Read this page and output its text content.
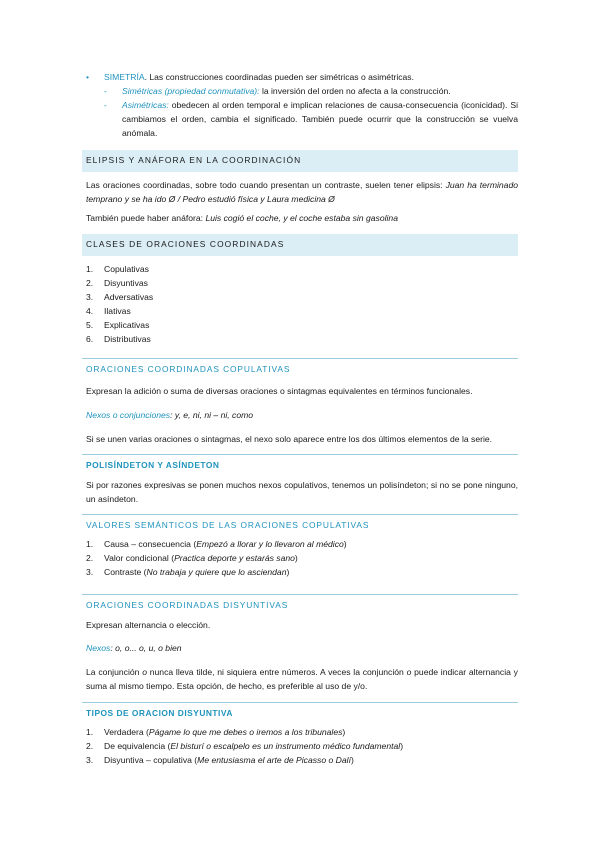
• SIMETRÍA. Las construcciones coordinadas pueden ser simétricas o asimétricas.
- Simétricas (propiedad conmutativa): la inversión del orden no afecta a la construcción.
- Asimétricas: obedecen al orden temporal e implican relaciones de causa-consecuencia (iconicidad). Si cambiamos el orden, cambia el significado. También puede ocurrir que la construcción se vuelva anómala.
ELIPSIS Y ANÁFORA EN LA COORDINACIÓN
Las oraciones coordinadas, sobre todo cuando presentan un contraste, suelen tener elipsis: Juan ha terminado temprano y se ha ido Ø / Pedro estudió física y Laura medicina Ø
También puede haber anáfora: Luis cogió el coche, y el coche estaba sin gasolina
CLASES DE ORACIONES COORDINADAS
1.	Copulativas
2.	Disyuntivas
3.	Adversativas
4.	Ilativas
5.	Explicativas
6.	Distributivas
ORACIONES COORDINADAS COPULATIVAS
Expresan la adición o suma de diversas oraciones o sintagmas equivalentes en términos funcionales.
Nexos o conjunciones: y, e, ni, ni – ni, como
Si se unen varias oraciones o sintagmas, el nexo solo aparece entre los dos últimos elementos de la serie.
POLISÍNDETON Y ASÍNDETON
Si por razones expresivas se ponen muchos nexos copulativos, tenemos un polisíndeton; si no se pone ninguno, un asíndeton.
VALORES SEMÁNTICOS DE LAS ORACIONES COPULATIVAS
1.	Causa – consecuencia (Empezó a llorar y lo llevaron al médico)
2.	Valor condicional (Practica deporte y estarás sano)
3.	Contraste (No trabaja y quiere que lo asciendan)
ORACIONES COORDINADAS DISYUNTIVAS
Expresan alternancia o elección.
Nexos: o, o... o, u, o bien
La conjunción o nunca lleva tilde, ni siquiera entre números. A veces la conjunción o puede indicar alternancia y suma al mismo tiempo. Esta opción, de hecho, es preferible al uso de y/o.
TIPOS DE ORACION DISYUNTIVA
1.	Verdadera (Págame lo que me debes o iremos a los tribunales)
2.	De equivalencia (El bisturí o escalpelo es un instrumento médico fundamental)
3.	Disyuntiva – copulativa (Me entusiasma el arte de Picasso o Dalí)
